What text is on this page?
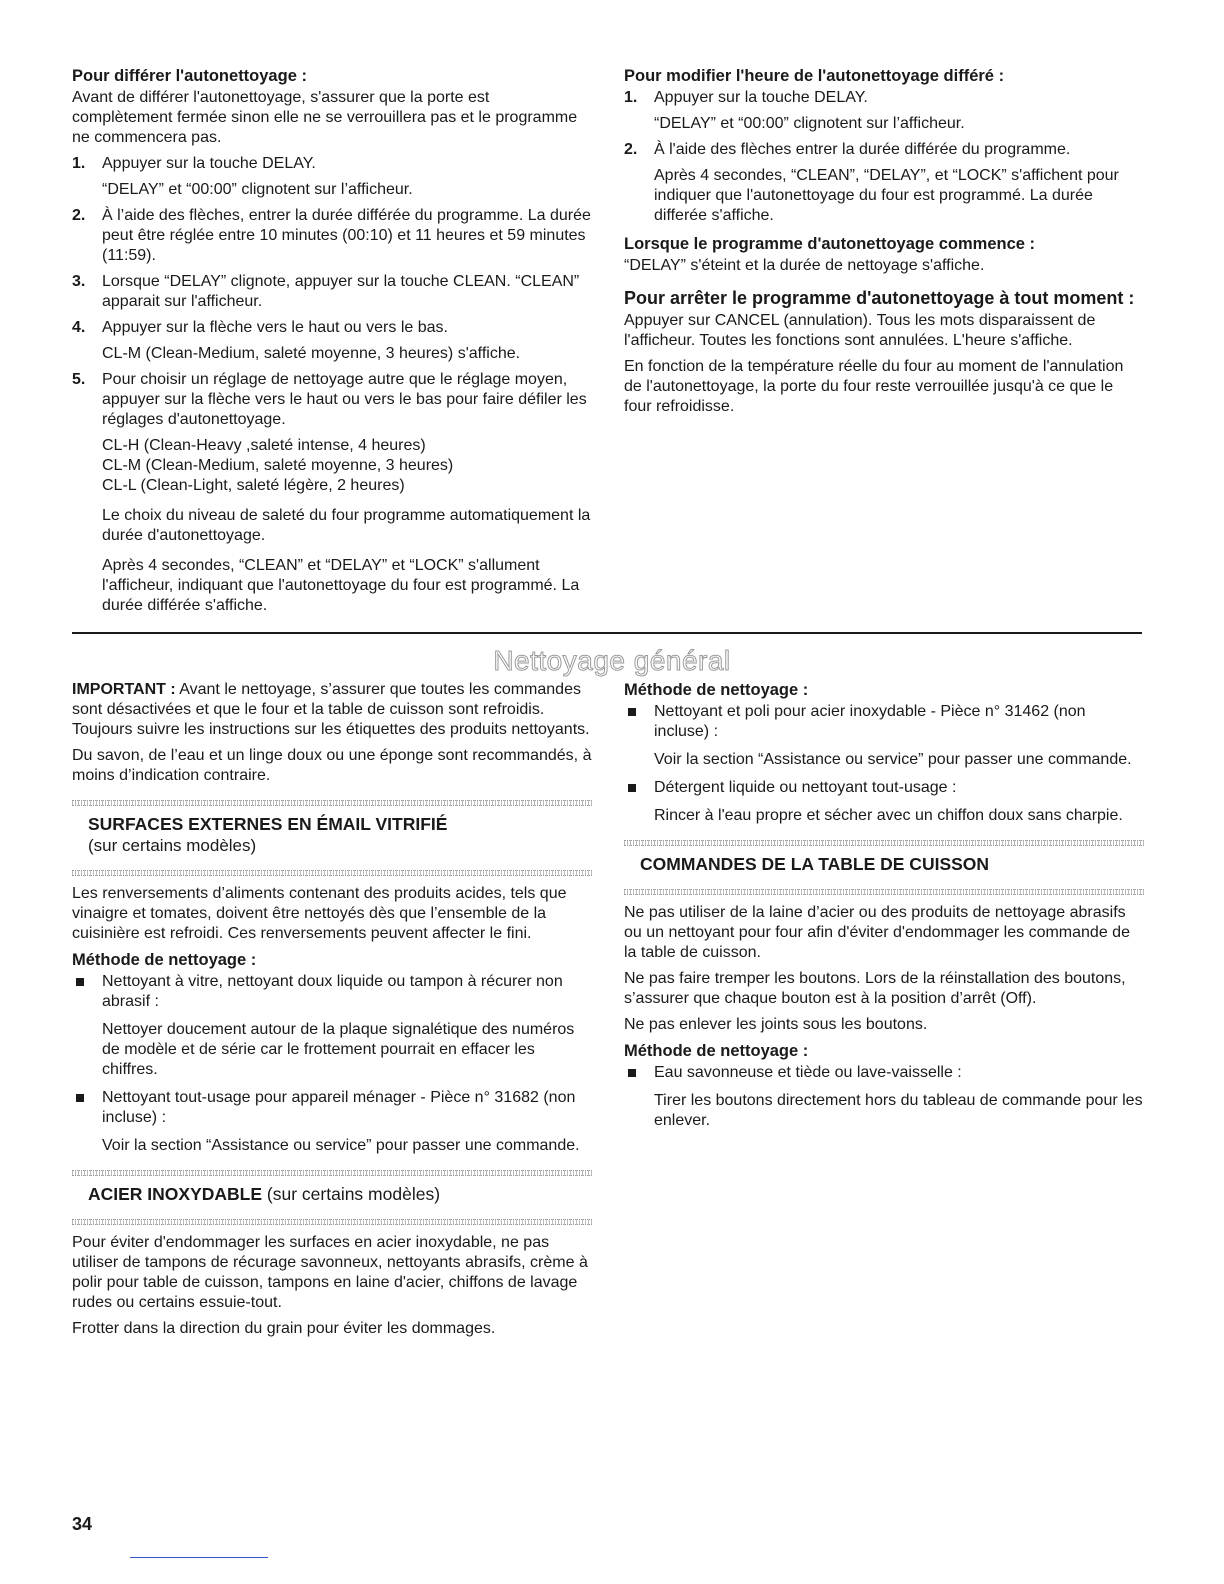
Pour différer l'autonettoyage :

Avant de différer l'autonettoyage, s'assurer que la porte est complètement fermée sinon elle ne se verrouillera pas et le programme ne commencera pas.

1. Appuyer sur la touche DELAY.
“DELAY” et “00:00” clignotent sur l’afficheur.
2. À l’aide des flèches, entrer la durée différée du programme. La durée peut être réglée entre 10 minutes (00:10) et 11 heures et 59 minutes (11:59).
3. Lorsque “DELAY” clignote, appuyer sur la touche CLEAN. “CLEAN” apparait sur l'afficheur.
4. Appuyer sur la flèche vers le haut ou vers le bas.
CL-M (Clean-Medium, saleté moyenne, 3 heures) s'affiche.
5. Pour choisir un réglage de nettoyage autre que le réglage moyen, appuyer sur la flèche vers le haut ou vers le bas pour faire défiler les réglages d'autonettoyage.
CL-H (Clean-Heavy ,saleté intense, 4 heures)
CL-M (Clean-Medium, saleté moyenne, 3 heures)
CL-L (Clean-Light, saleté légère, 2 heures)
Le choix du niveau de saleté du four programme automatiquement la durée d'autonettoyage.
Après 4 secondes, “CLEAN” et “DELAY” et “LOCK” s'allument l'afficheur, indiquant que l'autonettoyage du four est programmé. La durée différée s'affiche.
Pour modifier l'heure de l'autonettoyage différé :
1. Appuyer sur la touche DELAY.
“DELAY” et “00:00” clignotent sur l’afficheur.
2. À l'aide des flèches entrer la durée différée du programme.
Après 4 secondes, “CLEAN”, “DELAY”, et “LOCK” s'affichent pour indiquer que l'autonettoyage du four est programmé. La durée differée s'affiche.
Lorsque le programme d'autonettoyage commence :

“DELAY” s'éteint et la durée de nettoyage s'affiche.

Pour arrêter le programme d'autonettoyage à tout moment :

Appuyer sur CANCEL (annulation). Tous les mots disparaissent de l'afficheur. Toutes les fonctions sont annulées. L'heure s'affiche.

En fonction de la température réelle du four au moment de l'annulation de l'autonettoyage, la porte du four reste verrouillée jusqu'à ce que le four refroidisse.

Nettoyage général

IMPORTANT : Avant le nettoyage, s’assurer que toutes les commandes sont désactivées et que le four et la table de cuisson sont refroidis. Toujours suivre les instructions sur les étiquettes des produits nettoyants.

Du savon, de l’eau et un linge doux ou une éponge sont recommandés, à moins d’indication contraire.

SURFACES EXTERNES EN ÉMAIL VITRIFIÉ
(sur certains modèles)

Les renversements d’aliments contenant des produits acides, tels que vinaigre et tomates, doivent être nettoyés dès que l’ensemble de la cuisinière est refroidi. Ces renversements peuvent affecter le fini.

Méthode de nettoyage :
Nettoyant à vitre, nettoyant doux liquide ou tampon à récurer non abrasif :
Nettoyer doucement autour de la plaque signalétique des numéros de modèle et de série car le frottement pourrait en effacer les chiffres.
Nettoyant tout-usage pour appareil ménager - Pièce n° 31682 (non incluse) :
Voir la section “Assistance ou service” pour passer une commande.
ACIER INOXYDABLE (sur certains modèles)

Pour éviter d'endommager les surfaces en acier inoxydable, ne pas utiliser de tampons de récurage savonneux, nettoyants abrasifs, crème à polir pour table de cuisson, tampons en laine d'acier, chiffons de lavage rudes ou certains essuie-tout.

Frotter dans la direction du grain pour éviter les dommages.

Méthode de nettoyage :
Nettoyant et poli pour acier inoxydable - Pièce n° 31462 (non incluse) :
Voir la section “Assistance ou service” pour passer une commande.
Détergent liquide ou nettoyant tout-usage :
Rincer à l'eau propre et sécher avec un chiffon doux sans charpie.
COMMANDES DE LA TABLE DE CUISSON

Ne pas utiliser de la laine d’acier ou des produits de nettoyage abrasifs ou un nettoyant pour four afin d'éviter d'endommager les commande de la table de cuisson.

Ne pas faire tremper les boutons. Lors de la réinstallation des boutons, s’assurer que chaque bouton est à la position d’arrêt (Off).

Ne pas enlever les joints sous les boutons.

Méthode de nettoyage :
Eau savonneuse et tiède ou lave-vaisselle :
Tirer les boutons directement hors du tableau de commande pour les enlever.
34
